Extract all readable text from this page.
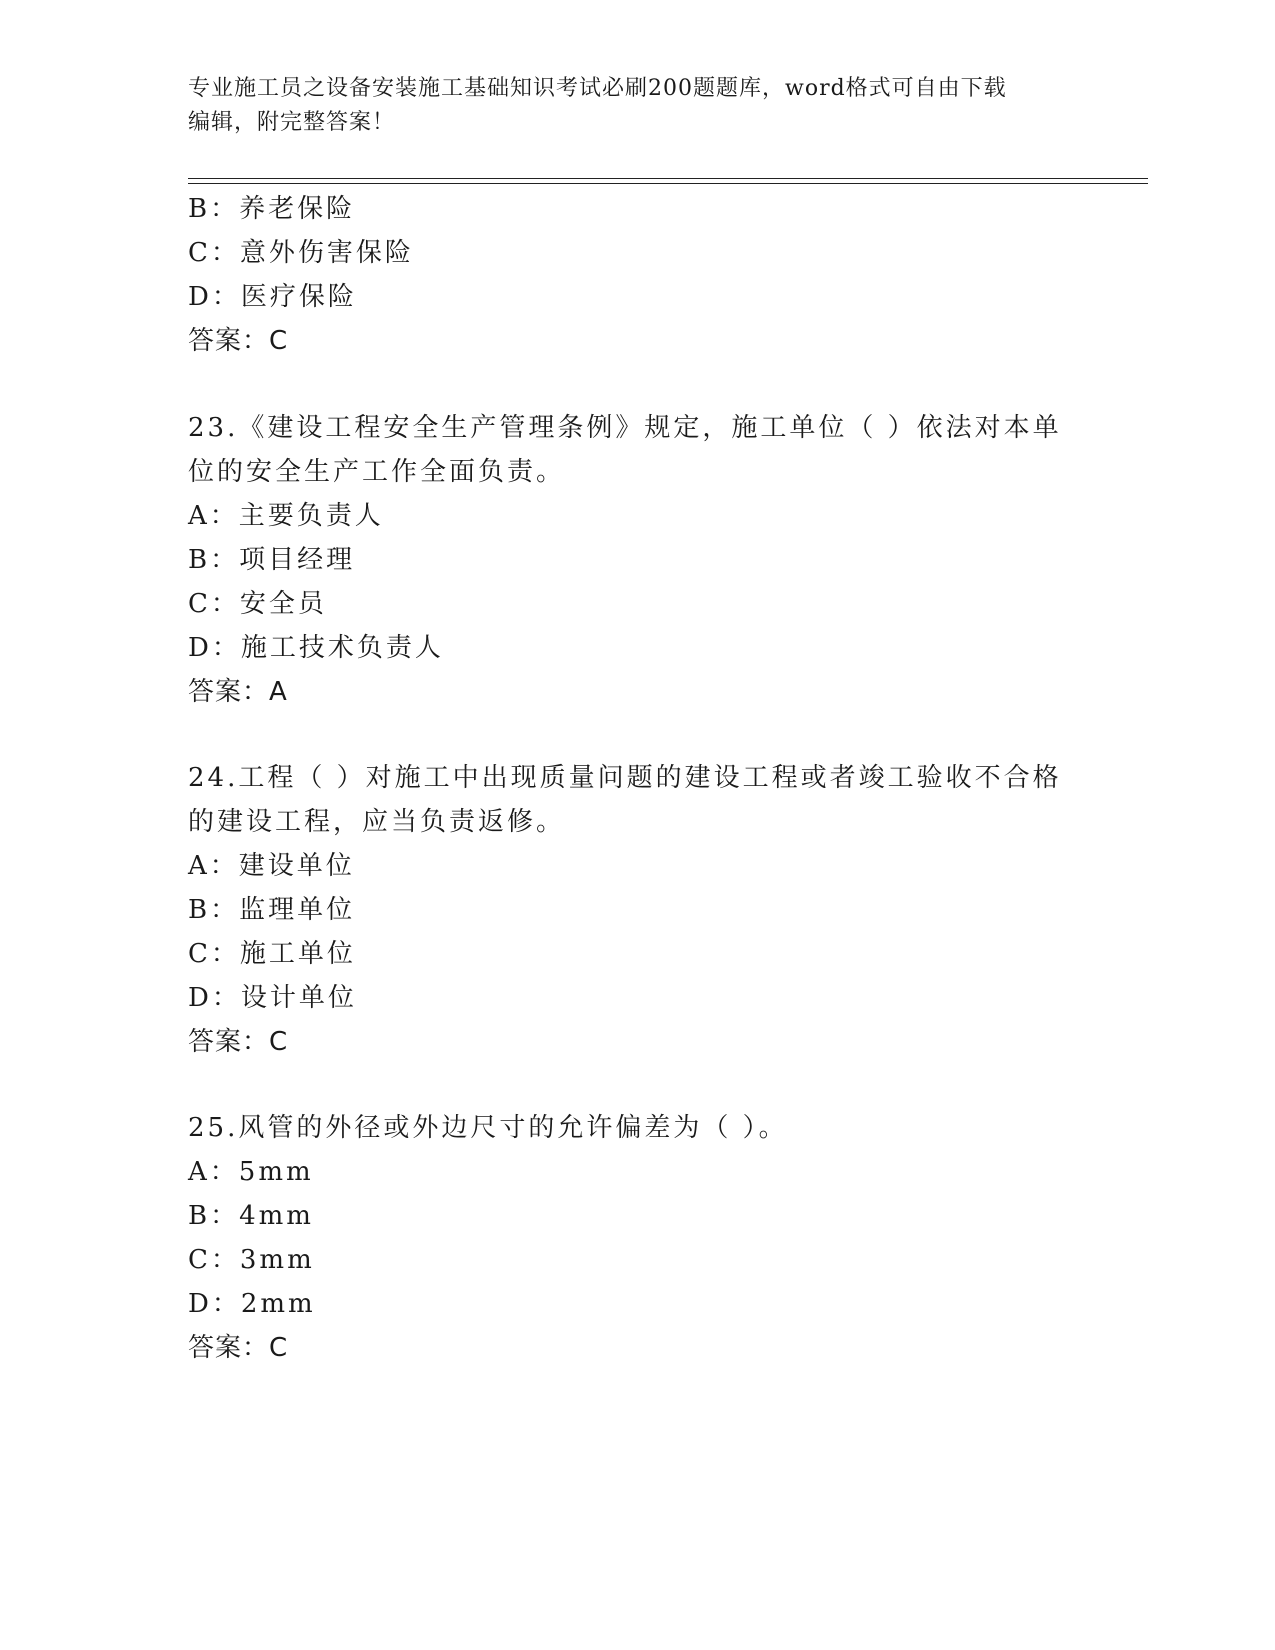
专业施工员之设备安装施工基础知识考试必刷200题题库，word格式可自由下载
编辑，附完整答案！
B：养老保险
C：意外伤害保险
D：医疗保险
答案：C
23.《建设工程安全生产管理条例》规定，施工单位（ ）依法对本单
位的安全生产工作全面负责。
A：主要负责人
B：项目经理
C：安全员
D：施工技术负责人
答案：A
24.工程（ ）对施工中出现质量问题的建设工程或者竣工验收不合格
的建设工程，应当负责返修。
A：建设单位
B：监理单位
C：施工单位
D：设计单位
答案：C
25.风管的外径或外边尺寸的允许偏差为（ ）。
A：5mm
B：4mm
C：3mm
D：2mm
答案：C
